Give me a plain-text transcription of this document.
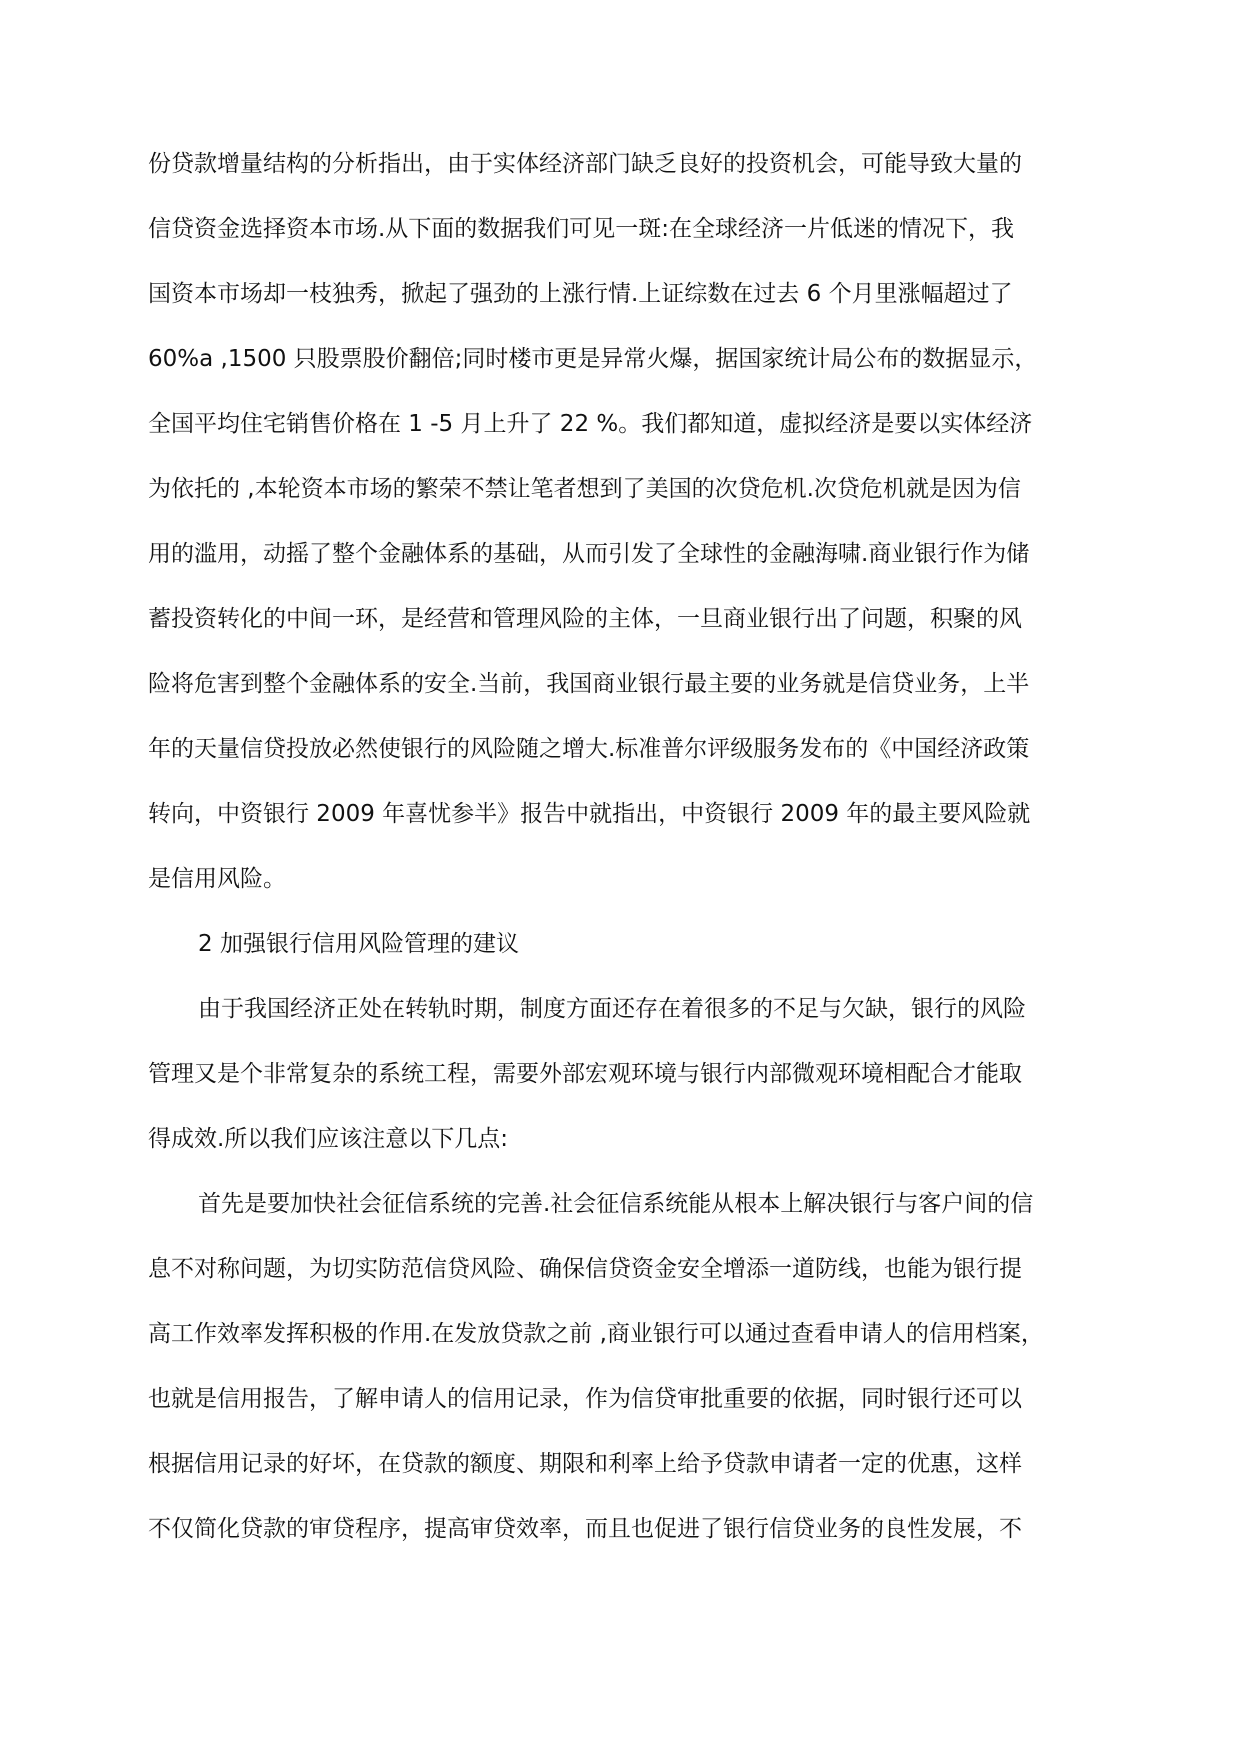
份贷款增量结构的分析指出，由于实体经济部门缺乏良好的投资机会，可能导致大量的
信贷资金选择资本市场.从下面的数据我们可见一斑:在全球经济一片低迷的情况下，我
国资本市场却一枝独秀，掀起了强劲的上涨行情.上证综数在过去 6 个月里涨幅超过了
60%a ,1500 只股票股价翻倍;同时楼市更是异常火爆，据国家统计局公布的数据显示，
全国平均住宅销售价格在 1 -5 月上升了 22 %。我们都知道，虚拟经济是要以实体经济
为依托的 ,本轮资本市场的繁荣不禁让笔者想到了美国的次贷危机.次贷危机就是因为信
用的滥用，动摇了整个金融体系的基础，从而引发了全球性的金融海啸.商业银行作为储
蓄投资转化的中间一环，是经营和管理风险的主体，一旦商业银行出了问题，积聚的风
险将危害到整个金融体系的安全.当前，我国商业银行最主要的业务就是信贷业务，上半
年的天量信贷投放必然使银行的风险随之增大.标准普尔评级服务发布的《中国经济政策
转向，中资银行 2009 年喜忧参半》报告中就指出，中资银行 2009 年的最主要风险就
是信用风险。
2 加强银行信用风险管理的建议
由于我国经济正处在转轨时期，制度方面还存在着很多的不足与欠缺，银行的风险
管理又是个非常复杂的系统工程，需要外部宏观环境与银行内部微观环境相配合才能取
得成效.所以我们应该注意以下几点:
首先是要加快社会征信系统的完善.社会征信系统能从根本上解决银行与客户间的信
息不对称问题，为切实防范信贷风险、确保信贷资金安全增添一道防线，也能为银行提
高工作效率发挥积极的作用.在发放贷款之前 ,商业银行可以通过查看申请人的信用档案，
也就是信用报告，了解申请人的信用记录，作为信贷审批重要的依据，同时银行还可以
根据信用记录的好坏，在贷款的额度、期限和利率上给予贷款申请者一定的优惠，这样
不仅简化贷款的审贷程序，提高审贷效率，而且也促进了银行信贷业务的良性发展，不
